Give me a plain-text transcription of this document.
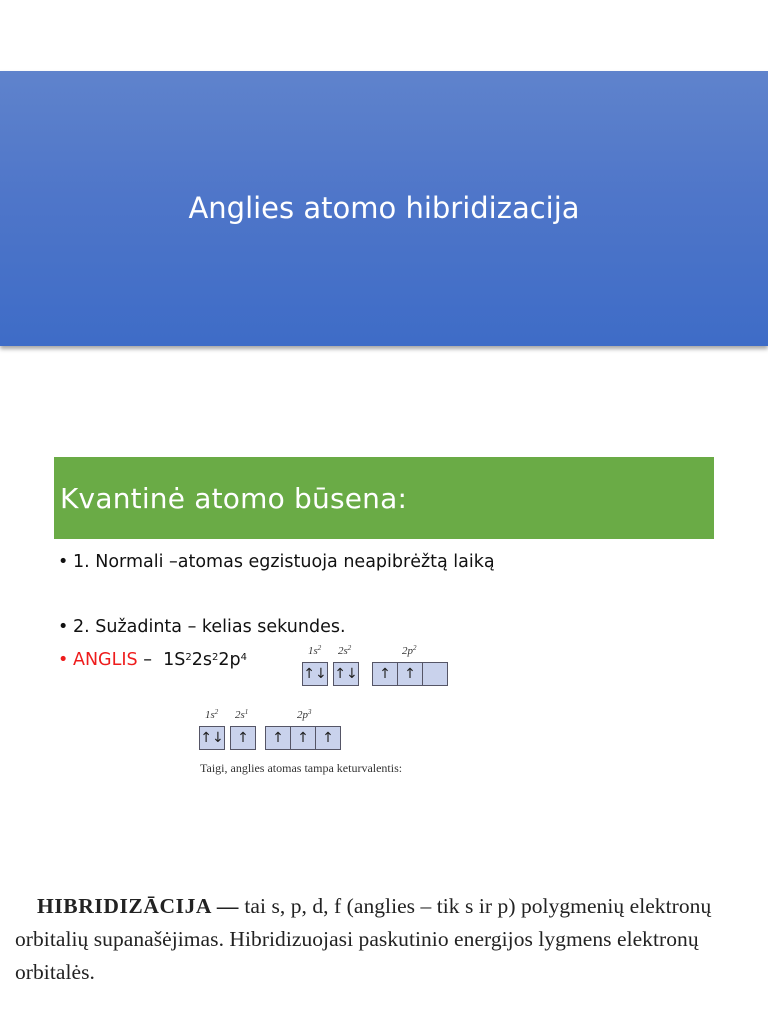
Anglies atomo hibridizacija
Kvantinė atomo būsena:
• 1. Normali –atomas egzistuoja neapibrėžtą laiką
• 2. Sužadinta – kelias sekundes.
• ANGLIS –  $1S^22s^22p^4$
$1s^2$ $2s^2$	$2p^2$
↑↓ ↑↓	↑ ↑
$1s^2$ $2s^1$	$2p^3$
↑↓ ↑	↑ ↑ ↑
Taigi, anglies atomas tampa keturvalentis:
HIBRIDIZĀCIJA — tai s, p, d, f (anglies – tik s ir p) polygmenių elektronų
orbitalių supanašėjimas. Hibridizuojasi paskutinio energijos lygmens elektronų
orbitalės.
